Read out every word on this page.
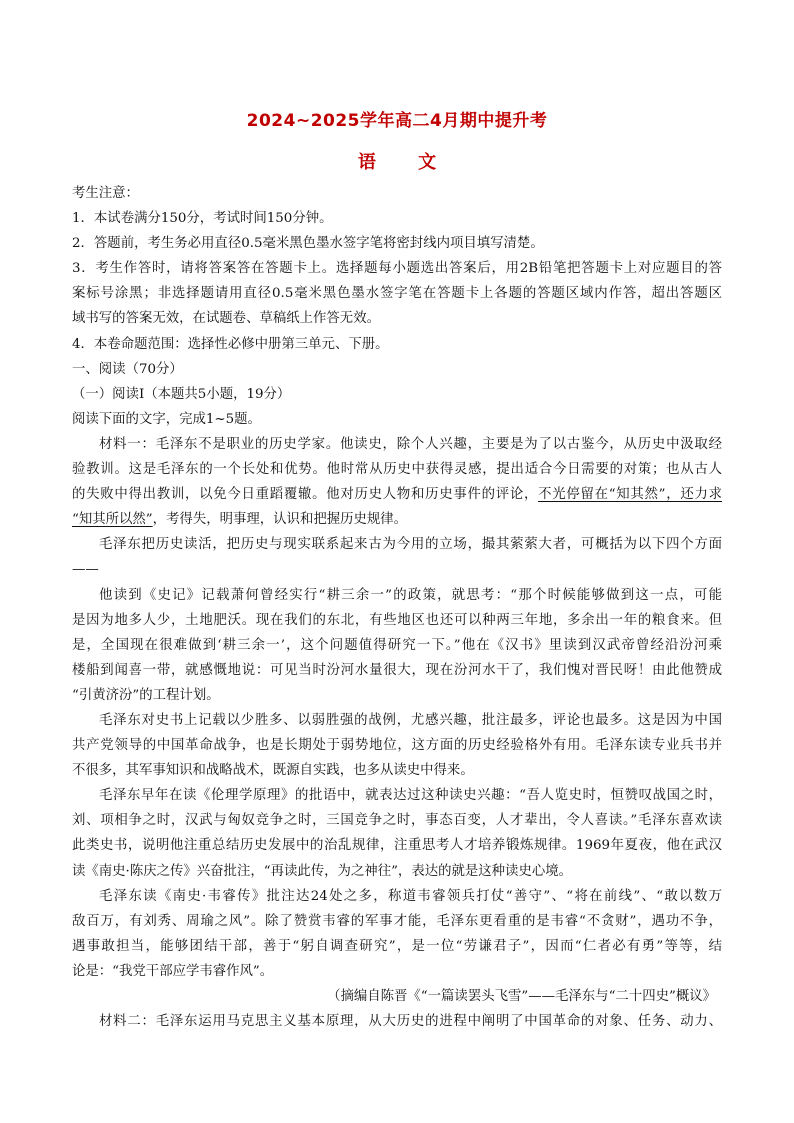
2024~2025学年高二4月期中提升考
语 文
考生注意：
1．本试卷满分150分，考试时间150分钟。
2．答题前，考生务必用直径0.5毫米黑色墨水签字笔将密封线内项目填写清楚。
3．考生作答时，请将答案答在答题卡上。选择题每小题选出答案后，用2B铅笔把答题卡上对应题目的答
案标号涂黑；非选择题请用直径0.5毫米黑色墨水签字笔在答题卡上各题的答题区域内作答，超出答题区
域书写的答案无效，在试题卷、草稿纸上作答无效。
4．本卷命题范围：选择性必修中册第三单元、下册。
一、阅读（70分）
（一）阅读Ⅰ（本题共5小题，19分）
阅读下面的文字，完成1~5题。
材料一：毛泽东不是职业的历史学家。他读史，除个人兴趣，主要是为了以古鉴今，从历史中汲取经
验教训。这是毛泽东的一个长处和优势。他时常从历史中获得灵感，提出适合今日需要的对策；也从古人
的失败中得出教训，以免今日重蹈覆辙。他对历史人物和历史事件的评论，不光停留在“知其然”，还力求
“知其所以然”，考得失，明事理，认识和把握历史规律。
毛泽东把历史读活，把历史与现实联系起来古为今用的立场，撮其萦萦大者，可概括为以下四个方面
——
他读到《史记》记载萧何曾经实行“耕三余一”的政策，就思考：“那个时候能够做到这一点，可能
是因为地多人少，土地肥沃。现在我们的东北，有些地区也还可以种两三年地，多余出一年的粮食来。但
是，全国现在很难做到‘耕三余一’，这个问题值得研究一下。”他在《汉书》里读到汉武帝曾经沿汾河乘
楼船到闻喜一带，就感慨地说：可见当时汾河水量很大，现在汾河水干了，我们愧对晋民呀！由此他赞成
“引黄济汾”的工程计划。
毛泽东对史书上记载以少胜多、以弱胜强的战例，尤感兴趣，批注最多，评论也最多。这是因为中国
共产党领导的中国革命战争，也是长期处于弱势地位，这方面的历史经验格外有用。毛泽东读专业兵书并
不很多，其军事知识和战略战术，既源自实践，也多从读史中得来。
毛泽东早年在读《伦理学原理》的批语中，就表达过这种读史兴趣：“吾人览史时，恒赞叹战国之时，
刘、项相争之时，汉武与匈奴竞争之时，三国竞争之时，事态百变，人才辈出，令人喜读。”毛泽东喜欢读
此类史书，说明他注重总结历史发展中的治乱规律，注重思考人才培养锻炼规律。1969年夏夜，他在武汉
读《南史·陈庆之传》兴奋批注，“再读此传，为之神往”，表达的就是这种读史心境。
毛泽东读《南史·韦睿传》批注达24处之多，称道韦睿领兵打仗“善守”、“将在前线”、“敢以数万
敌百万，有刘秀、周瑜之风”。除了赞赏韦睿的军事才能，毛泽东更看重的是韦睿“不贪财”，遇功不争，
遇事敢担当，能够团结干部，善于“躬自调查研究”，是一位“劳谦君子”，因而“仁者必有勇”等等，结
论是：“我党干部应学韦睿作风”。
（摘编自陈晋《“一篇读罢头飞雪”——毛泽东与“二十四史”概议》
材料二：毛泽东运用马克思主义基本原理，从大历史的进程中阐明了中国革命的对象、任务、动力、
